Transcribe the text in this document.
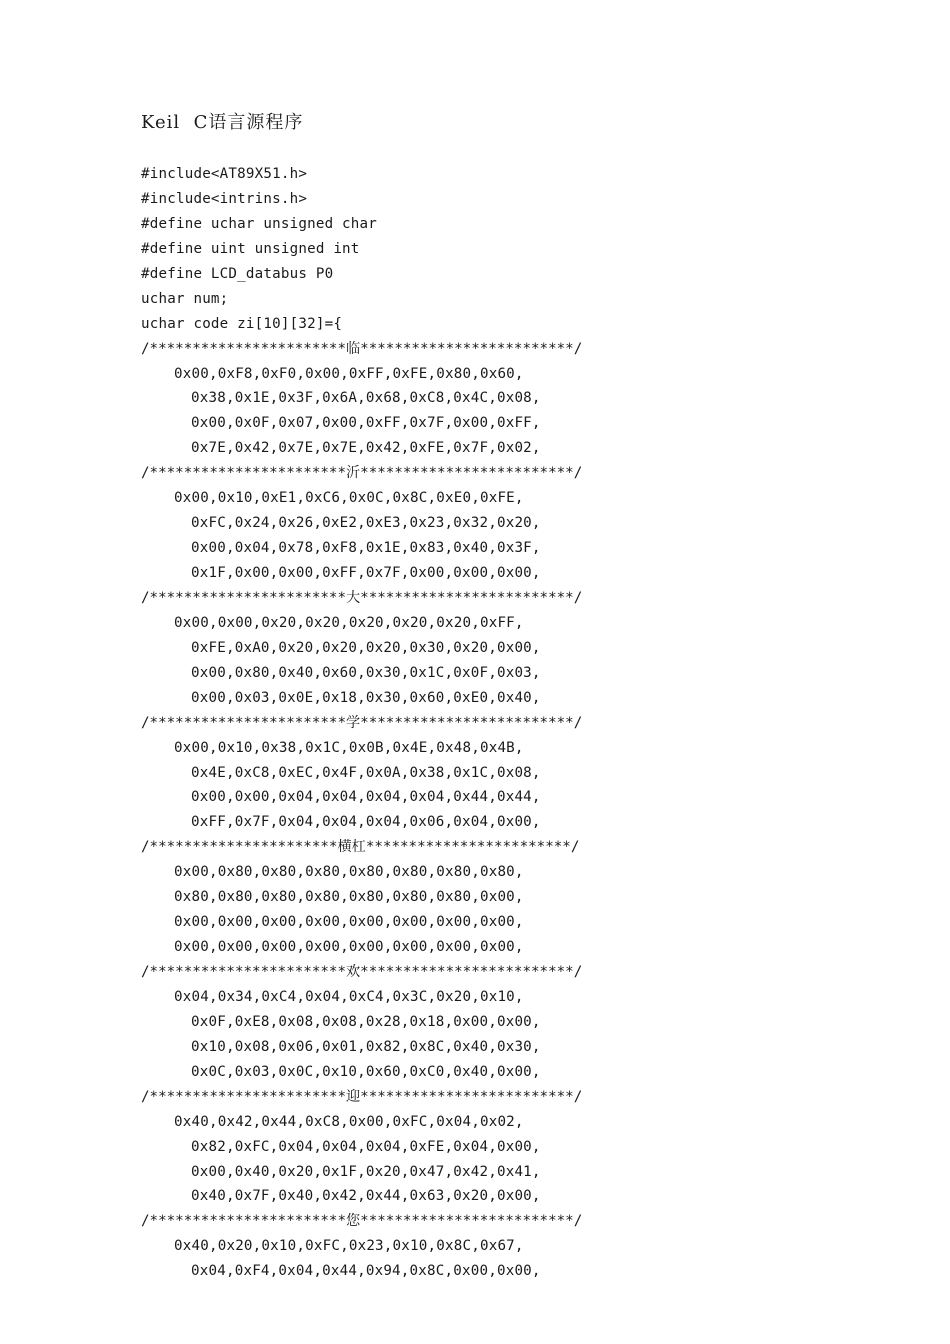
Keil  C语言源程序
#include<AT89X51.h>
#include<intrins.h>
#define uchar unsigned char
#define uint unsigned int
#define LCD_databus P0
uchar num;
uchar code zi[10][32]={
/***********************临*************************/
0x00,0xF8,0xF0,0x00,0xFF,0xFE,0x80,0x60,
0x38,0x1E,0x3F,0x6A,0x68,0xC8,0x4C,0x08,
0x00,0x0F,0x07,0x00,0xFF,0x7F,0x00,0xFF,
0x7E,0x42,0x7E,0x7E,0x42,0xFE,0x7F,0x02,
/***********************沂*************************/
0x00,0x10,0xE1,0xC6,0x0C,0x8C,0xE0,0xFE,
0xFC,0x24,0x26,0xE2,0xE3,0x23,0x32,0x20,
0x00,0x04,0x78,0xF8,0x1E,0x83,0x40,0x3F,
0x1F,0x00,0x00,0xFF,0x7F,0x00,0x00,0x00,
/***********************大*************************/
0x00,0x00,0x20,0x20,0x20,0x20,0x20,0xFF,
0xFE,0xA0,0x20,0x20,0x20,0x30,0x20,0x00,
0x00,0x80,0x40,0x60,0x30,0x1C,0x0F,0x03,
0x00,0x03,0x0E,0x18,0x30,0x60,0xE0,0x40,
/***********************学*************************/
0x00,0x10,0x38,0x1C,0x0B,0x4E,0x48,0x4B,
0x4E,0xC8,0xEC,0x4F,0x0A,0x38,0x1C,0x08,
0x00,0x00,0x04,0x04,0x04,0x04,0x44,0x44,
0xFF,0x7F,0x04,0x04,0x04,0x06,0x04,0x00,
/**********************横杠************************/
0x00,0x80,0x80,0x80,0x80,0x80,0x80,0x80,
0x80,0x80,0x80,0x80,0x80,0x80,0x80,0x00,
0x00,0x00,0x00,0x00,0x00,0x00,0x00,0x00,
0x00,0x00,0x00,0x00,0x00,0x00,0x00,0x00,
/***********************欢*************************/
0x04,0x34,0xC4,0x04,0xC4,0x3C,0x20,0x10,
0x0F,0xE8,0x08,0x08,0x28,0x18,0x00,0x00,
0x10,0x08,0x06,0x01,0x82,0x8C,0x40,0x30,
0x0C,0x03,0x0C,0x10,0x60,0xC0,0x40,0x00,
/***********************迎*************************/
0x40,0x42,0x44,0xC8,0x00,0xFC,0x04,0x02,
0x82,0xFC,0x04,0x04,0x04,0xFE,0x04,0x00,
0x00,0x40,0x20,0x1F,0x20,0x47,0x42,0x41,
0x40,0x7F,0x40,0x42,0x44,0x63,0x20,0x00,
/***********************您*************************/
0x40,0x20,0x10,0xFC,0x23,0x10,0x8C,0x67,
0x04,0xF4,0x04,0x44,0x94,0x8C,0x00,0x00,
